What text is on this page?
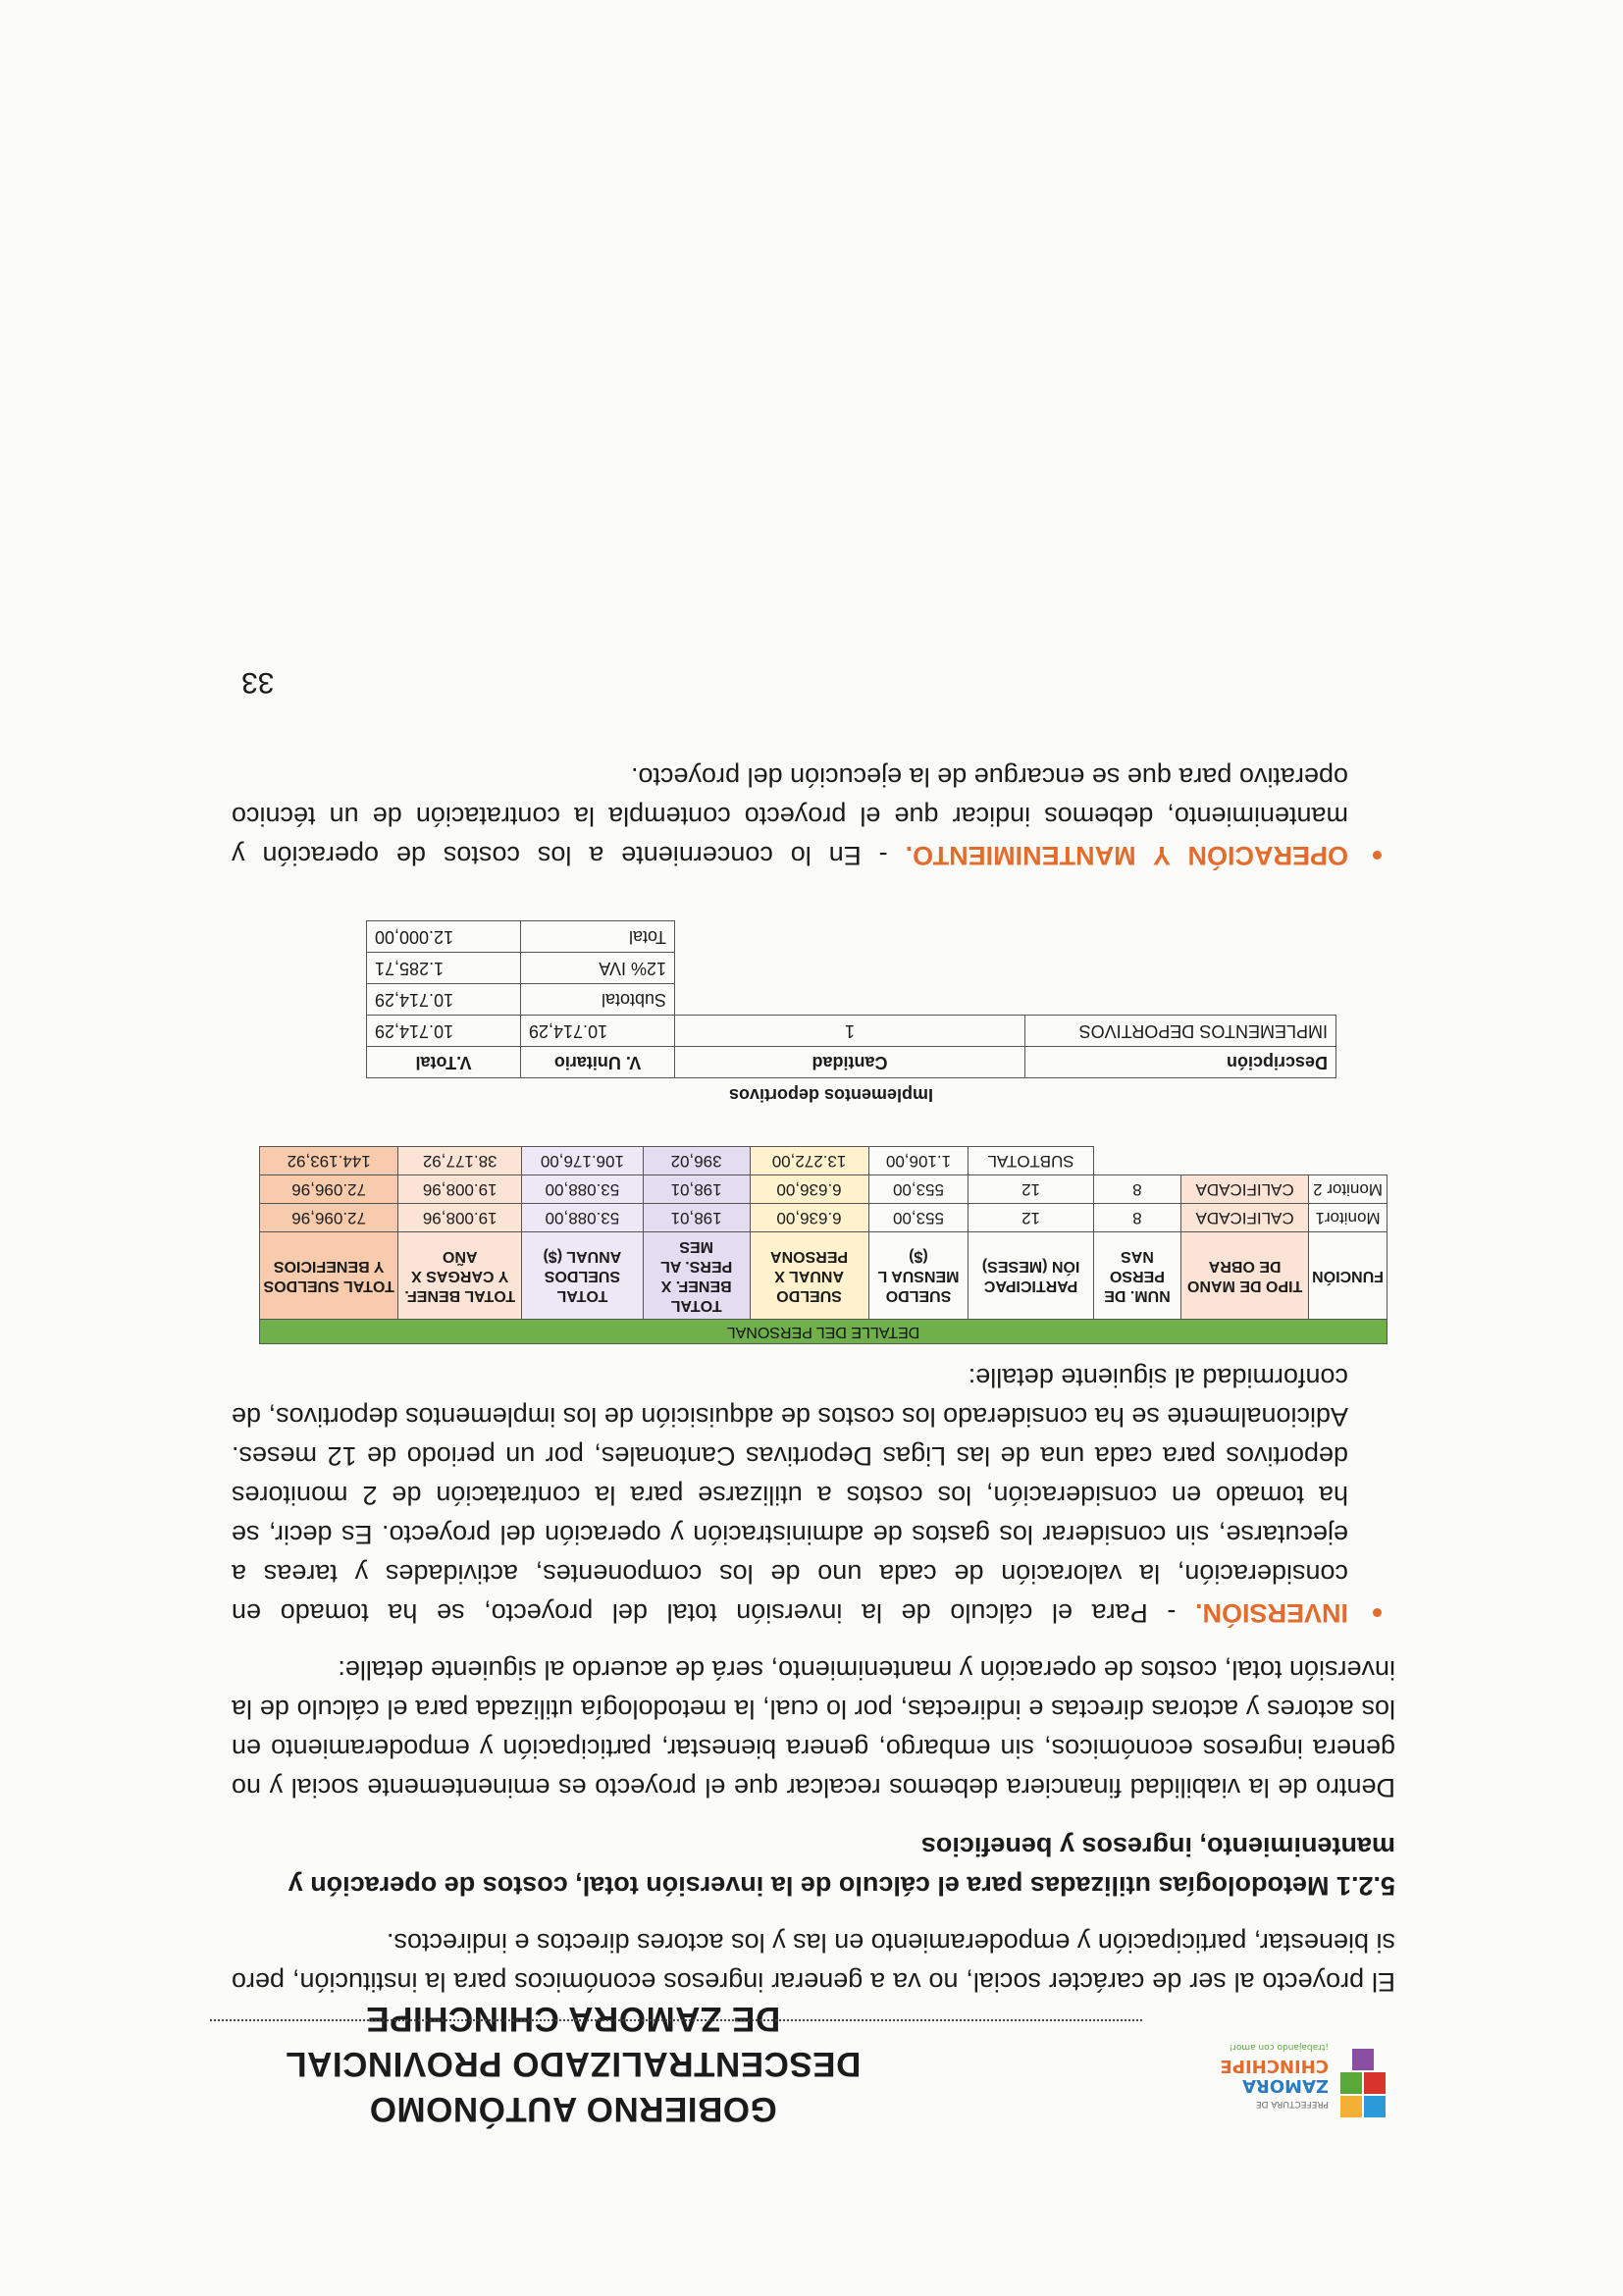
PREFECTURA DE
ZAMORA
CHINCHIPE
¡trabajando con amor!
GOBIERNO AUTÓNOMO DESCENTRALIZADO PROVINCIAL
DE ZAMORA CHINCHIPE

El proyecto al ser de carácter social, no va a generar ingresos económicos para la institución, pero si bienestar, participación y empoderamiento en las y los actores directos e indirectos.

5.2.1 Metodologías utilizadas para el cálculo de la inversión total, costos de operación y mantenimiento, ingresos y beneficios

Dentro de la viabilidad financiera debemos recalcar que el proyecto es eminentemente social y no genera ingresos económicos, sin embargo, genera bienestar, participación y empoderamiento en los actores y actoras directas e indirectas, por lo cual, la metodología utilizada para el cálculo de la inversión total, costos de operación y mantenimiento, será de acuerdo al siguiente detalle:

INVERSIÓN. - Para el cálculo de la inversión total del proyecto, se ha tomado en consideración, la valoración de cada uno de los componentes, actividades y tareas a ejecutarse, sin considerar los gastos de administración y operación del proyecto. Es decir, se ha tomado en consideración, los costos a utilizarse para la contratación de 2 monitores deportivos para cada una de las Ligas Deportivas Cantonales, por un periodo de 12 meses. Adicionalmente se ha considerado los costos de adquisición de los implementos deportivos, de conformidad al siguiente detalle:
DETALLE DEL PERSONAL									
FUNCIÓN	TIPO DE MANO DE OBRA	NUM. DE PERSO NAS	PARTICIPAC IÓN (MESES)	SUELDO MENSUA L ($)	SUELDO ANUAL X PERSONA	TOTAL BENEF. X PERS. AL MES	TOTAL SUELDOS ANUAL ($)	TOTAL BENEF. Y CARGAS X AÑO	TOTAL SUELDOS Y BENEFICIOS
Monitor1	CALIFICADA	8	12	553,00	6.636,00	198,01	53.088,00	19.008,96	72.096,96
Monitor 2	CALIFICADA	8	12	553,00	6.636,00	198,01	53.088,00	19.008,96	72.096,96
			SUBTOTAL	1.106,00	13.272,00	396,02	106.176,00	38.177,92	144.193,92
Implementos deportivos
Descripción	Cantidad	V. Unitario	V.Total
IMPLEMENTOS DEPORTIVOS	1	10.714,29	10.714,29
		Subtotal	10.714,29
		12% IVA	1.285,71
		Total	12.000,00
OPERACIÓN Y MANTENIMIENTO. - En lo concerniente a los costos de operación y mantenimiento, debemos indicar que el proyecto contempla la contratación de un técnico operativo para que se encargue de la ejecución del proyecto.
33
